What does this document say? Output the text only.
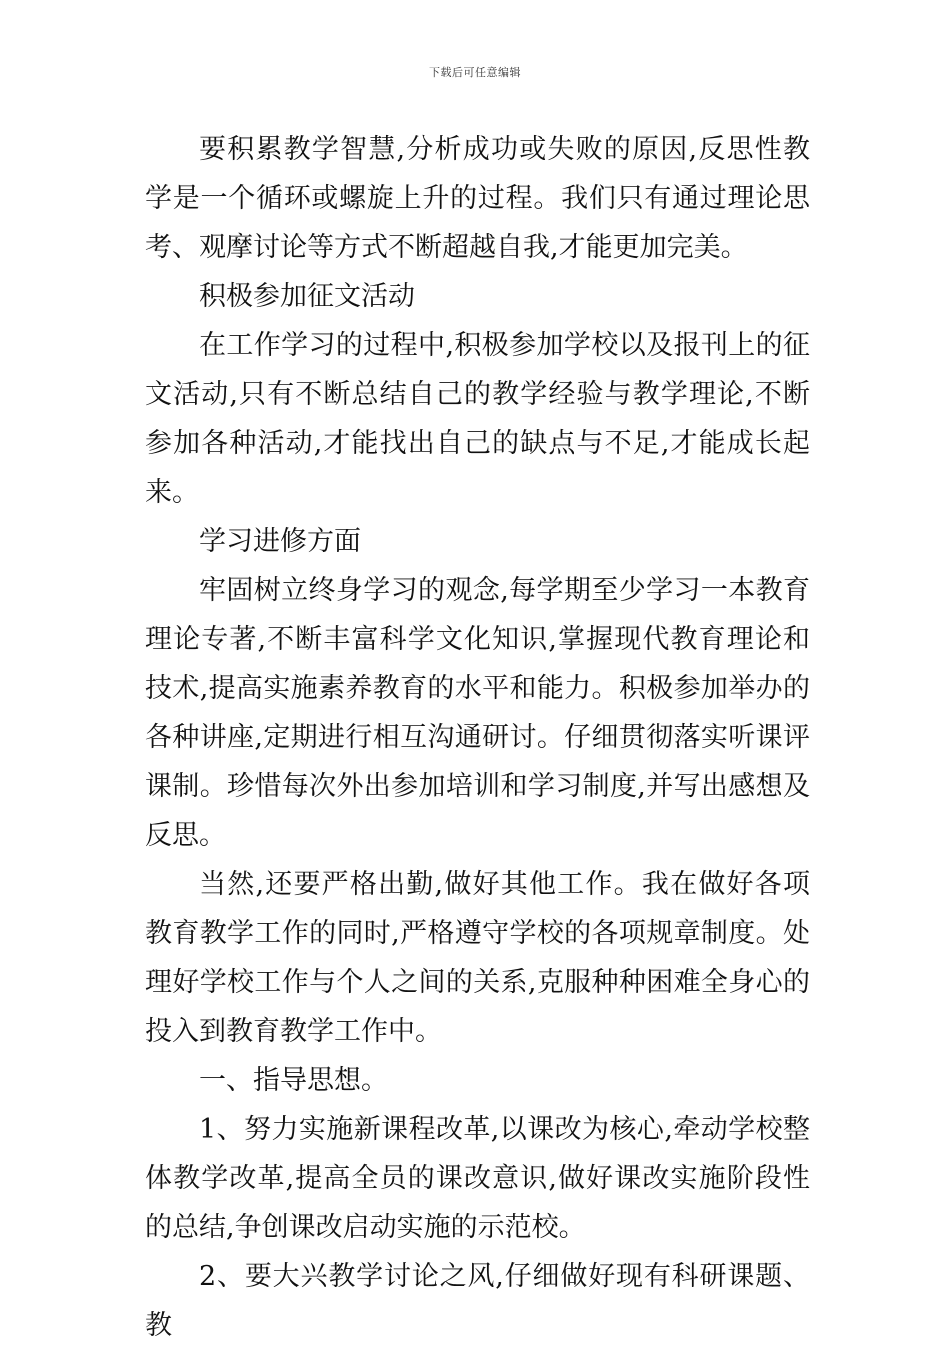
下载后可任意编辑

要积累教学智慧,分析成功或失败的原因,反思性教学是一个循环或螺旋上升的过程。我们只有通过理论思考、观摩讨论等方式不断超越自我,才能更加完美。

积极参加征文活动

在工作学习的过程中,积极参加学校以及报刊上的征文活动,只有不断总结自己的教学经验与教学理论,不断参加各种活动,才能找出自己的缺点与不足,才能成长起来。

学习进修方面

牢固树立终身学习的观念,每学期至少学习一本教育理论专著,不断丰富科学文化知识,掌握现代教育理论和技术,提高实施素养教育的水平和能力。积极参加举办的各种讲座,定期进行相互沟通研讨。仔细贯彻落实听课评课制。珍惜每次外出参加培训和学习制度,并写出感想及反思。

当然,还要严格出勤,做好其他工作。我在做好各项教育教学工作的同时,严格遵守学校的各项规章制度。处理好学校工作与个人之间的关系,克服种种困难全身心的投入到教育教学工作中。

一、指导思想。

1、努力实施新课程改革,以课改为核心,牵动学校整体教学改革,提高全员的课改意识,做好课改实施阶段性的总结,争创课改启动实施的示范校。

2、要大兴教学讨论之风,仔细做好现有科研课题、教
